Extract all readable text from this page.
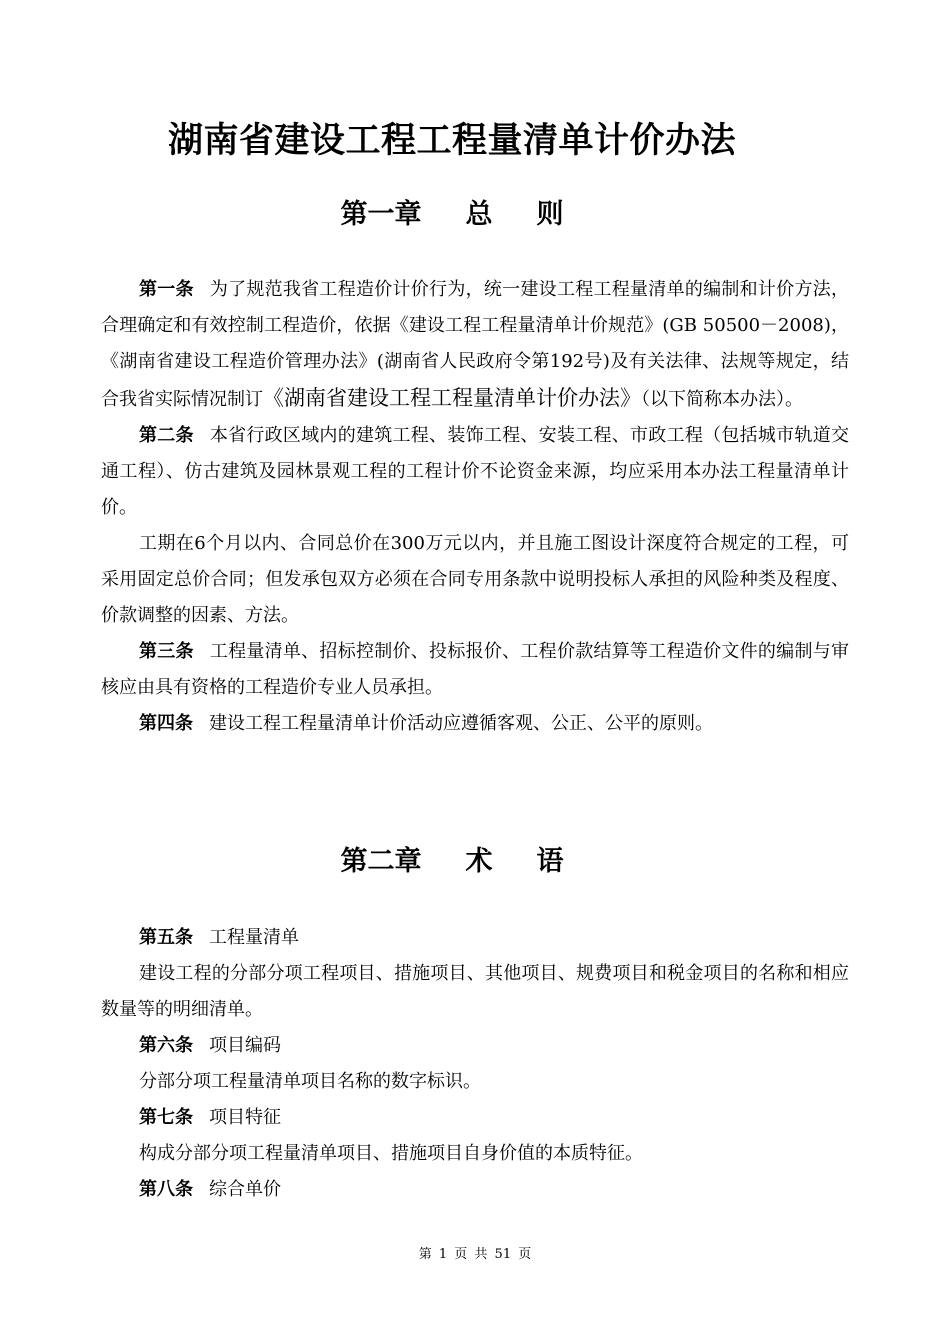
湖南省建设工程工程量清单计价办法
第一章 总 则

第一条 为了规范我省工程造价计价行为，统一建设工程工程量清单的编制和计价方法，合理确定和有效控制工程造价，依据《建设工程工程量清单计价规范》(GB 50500－2008)，《湖南省建设工程造价管理办法》(湖南省人民政府令第192号)及有关法律、法规等规定，结合我省实际情况制订《湖南省建设工程工程量清单计价办法》（以下简称本办法）。

第二条 本省行政区域内的建筑工程、装饰工程、安装工程、市政工程（包括城市轨道交通工程）、仿古建筑及园林景观工程的工程计价不论资金来源，均应采用本办法工程量清单计价。

工期在6个月以内、合同总价在300万元以内，并且施工图设计深度符合规定的工程，可采用固定总价合同；但发承包双方必须在合同专用条款中说明投标人承担的风险种类及程度、价款调整的因素、方法。

第三条 工程量清单、招标控制价、投标报价、工程价款结算等工程造价文件的编制与审核应由具有资格的工程造价专业人员承担。

第四条 建设工程工程量清单计价活动应遵循客观、公正、公平的原则。

第二章 术 语

第五条 工程量清单

建设工程的分部分项工程项目、措施项目、其他项目、规费项目和税金项目的名称和相应数量等的明细清单。

第六条 项目编码

分部分项工程量清单项目名称的数字标识。

第七条 项目特征

构成分部分项工程量清单项目、措施项目自身价值的本质特征。

第八条 综合单价

第 1 页 共 51 页
